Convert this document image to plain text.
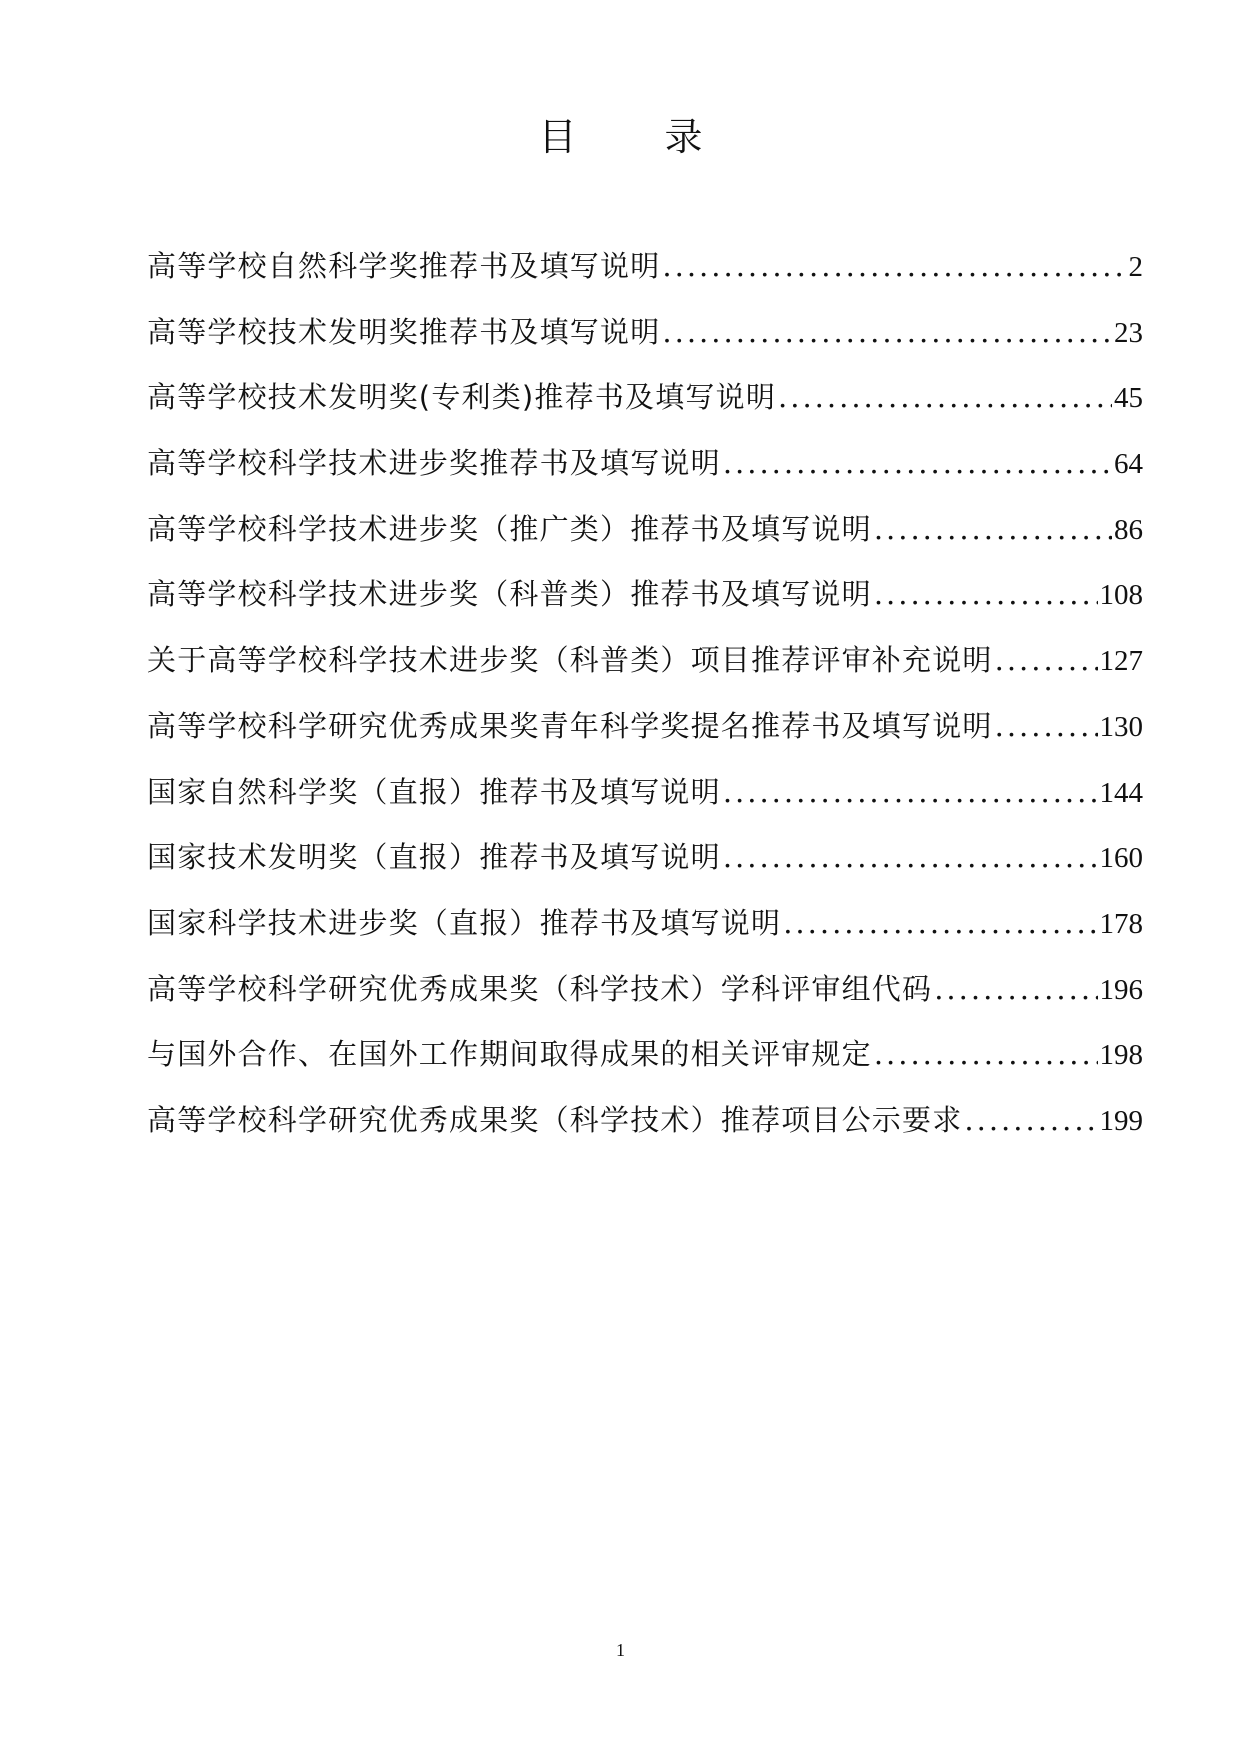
目 录
高等学校自然科学奖推荐书及填写说明 .....	2
高等学校技术发明奖推荐书及填写说明 .....	23
高等学校技术发明奖(专利类)推荐书及填写说明 .....	45
高等学校科学技术进步奖推荐书及填写说明 .....	64
高等学校科学技术进步奖（推广类）推荐书及填写说明 .....	86
高等学校科学技术进步奖（科普类）推荐书及填写说明 .....	108
关于高等学校科学技术进步奖（科普类）项目推荐评审补充说明 .....	127
高等学校科学研究优秀成果奖青年科学奖提名推荐书及填写说明 .....	130
国家自然科学奖（直报）推荐书及填写说明 .....	144
国家技术发明奖（直报）推荐书及填写说明 .....	160
国家科学技术进步奖（直报）推荐书及填写说明 .....	178
高等学校科学研究优秀成果奖（科学技术）学科评审组代码 .....	196
与国外合作、在国外工作期间取得成果的相关评审规定 .....	198
高等学校科学研究优秀成果奖（科学技术）推荐项目公示要求 .....	199
1
